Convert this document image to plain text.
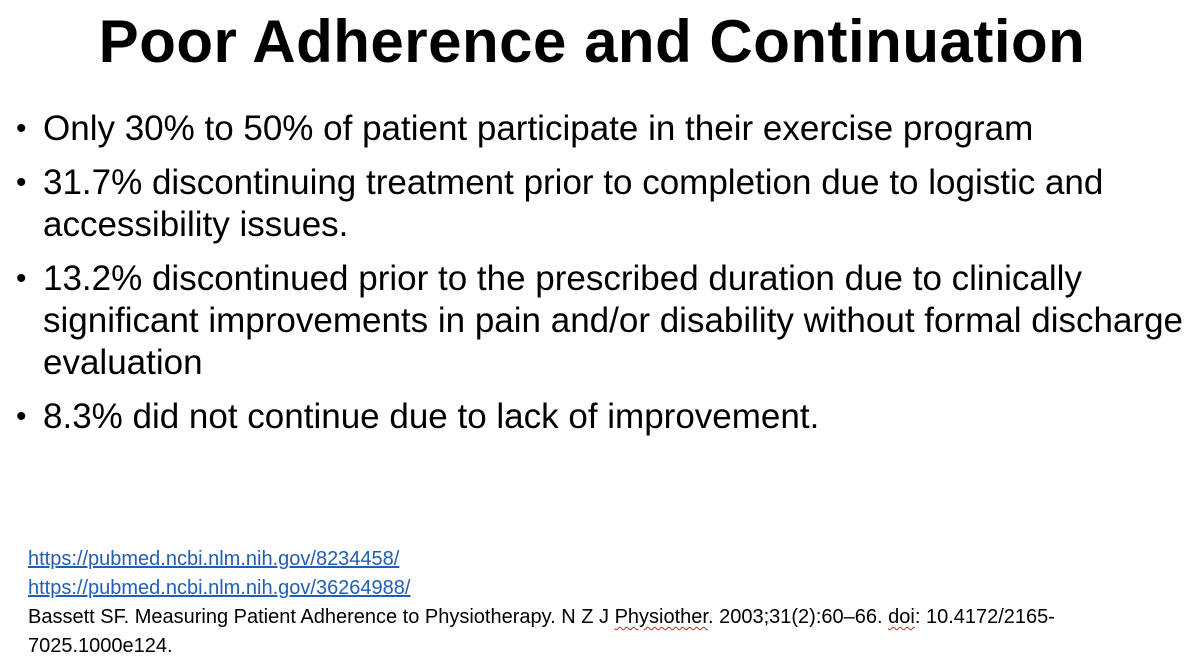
Poor Adherence and Continuation
• Only 30% to 50% of patient participate in their exercise program
• 31.7% discontinuing treatment prior to completion due to logistic and accessibility issues.
• 13.2% discontinued prior to the prescribed duration due to clinically significant improvements in pain and/or disability without formal discharge evaluation
• 8.3% did not continue due to lack of improvement.
https://pubmed.ncbi.nlm.nih.gov/8234458/
https://pubmed.ncbi.nlm.nih.gov/36264988/
Bassett SF. Measuring Patient Adherence to Physiotherapy. N Z J Physiother. 2003;31(2):60–66. doi: 10.4172/2165-7025.1000e124.
